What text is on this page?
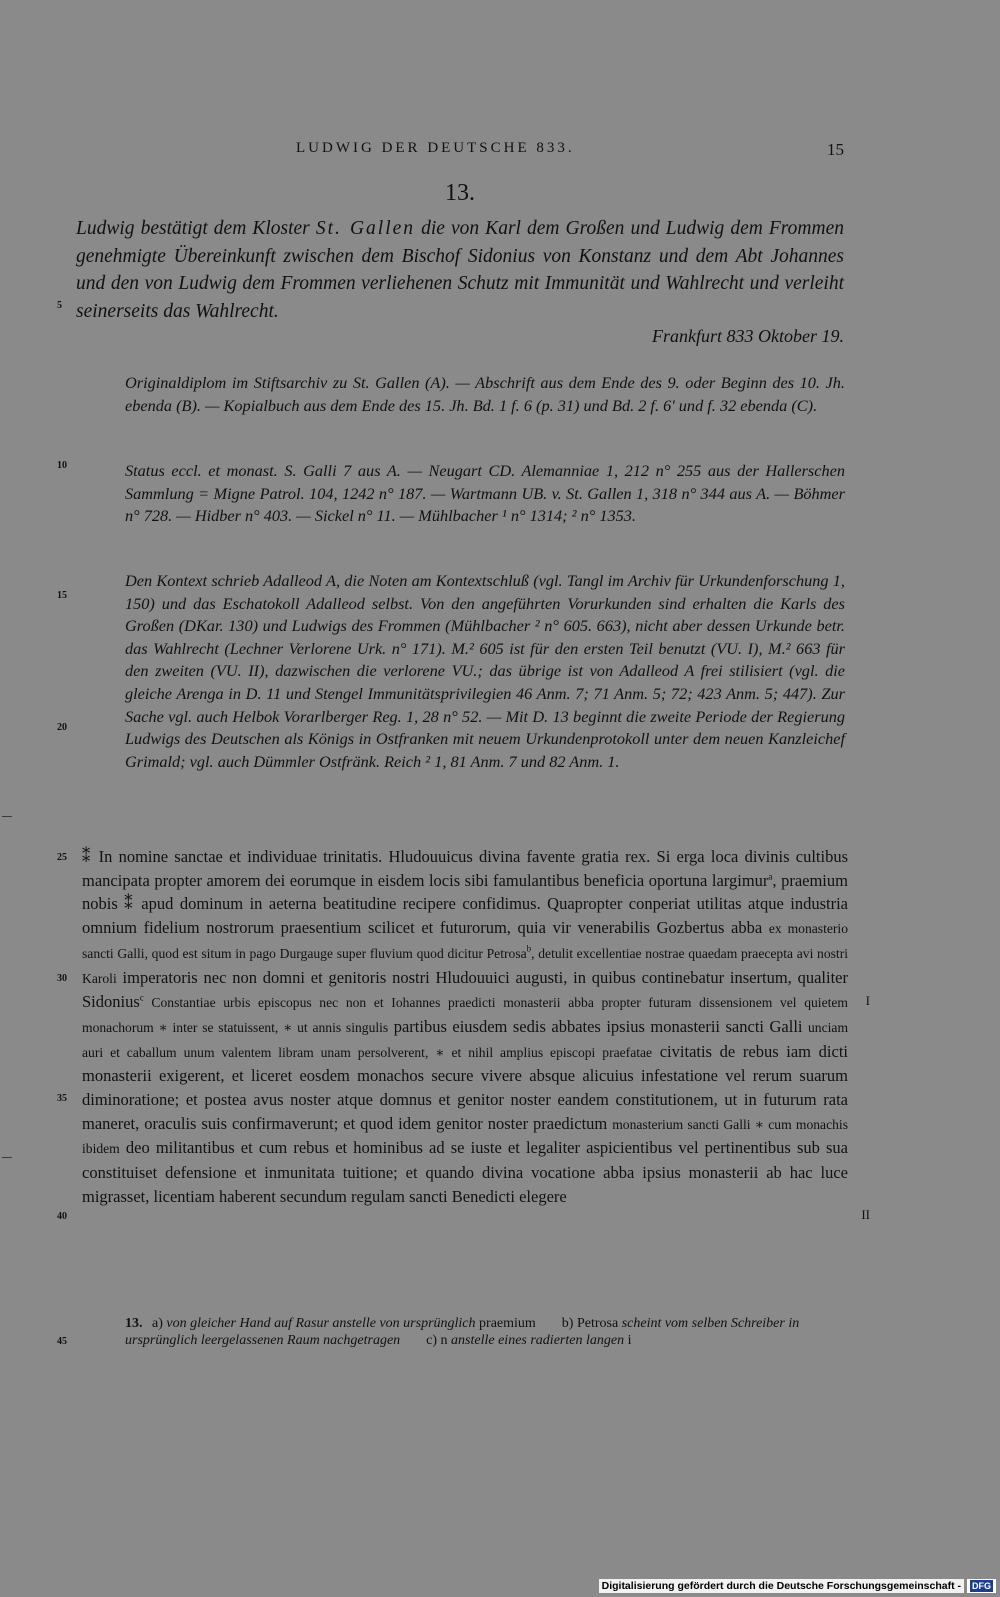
LUDWIG DER DEUTSCHE 833.	15
13.

Ludwig bestätigt dem Kloster St. Gallen die von Karl dem Großen und Ludwig dem Frommen genehmigte Übereinkunft zwischen dem Bischof Sidonius von Konstanz und dem Abt Johannes und den von Ludwig dem Frommen verliehenen Schutz mit Immunität und Wahlrecht und verleiht seinerseits das Wahlrecht.

Frankfurt 833 Oktober 19.

Originaldiplom im Stiftsarchiv zu St. Gallen (A). — Abschrift aus dem Ende des 9. oder Beginn des 10. Jh. ebenda (B). — Kopialbuch aus dem Ende des 15. Jh. Bd. 1 f. 6 (p. 31) und Bd. 2 f. 6' und f. 32 ebenda (C).

Status eccl. et monast. S. Galli 7 aus A. — Neugart CD. Alemanniae 1, 212 n° 255 aus der Hallerschen Sammlung = Migne Patrol. 104, 1242 n° 187. — Wartmann UB. v. St. Gallen 1, 318 n° 344 aus A. — Böhmer n° 728. — Hidber n° 403. — Sickel n° 11. — Mühlbacher ¹ n° 1314; ² n° 1353.

Den Kontext schrieb Adalleod A, die Noten am Kontextschluß (vgl. Tangl im Archiv für Urkundenforschung 1, 150) und das Eschatokoll Adalleod selbst. Von den angeführten Vorurkunden sind erhalten die Karls des Großen (DKar. 130) und Ludwigs des Frommen (Mühlbacher ² n° 605. 663), nicht aber dessen Urkunde betr. das Wahlrecht (Lechner Verlorene Urk. n° 171). M.² 605 ist für den ersten Teil benutzt (VU. I), M.² 663 für den zweiten (VU. II), dazwischen die verlorene VU.; das übrige ist von Adalleod A frei stilisiert (vgl. die gleiche Arenga in D. 11 und Stengel Immunitätsprivilegien 46 Anm. 7; 71 Anm. 5; 72; 423 Anm. 5; 447). Zur Sache vgl. auch Helbok Vorarlberger Reg. 1, 28 n° 52. — Mit D. 13 beginnt die zweite Periode der Regierung Ludwigs des Deutschen als Königs in Ostfranken mit neuem Urkundenprotokoll unter dem neuen Kanzleichef Grimald; vgl. auch Dümmler Ostfränk. Reich ² 1, 81 Anm. 7 und 82 Anm. 1.

⁑ In nomine sanctae et individuae trinitatis. Hludouuicus divina favente gratia rex. Si erga loca divinis cultibus mancipata propter amorem dei eorumque in eisdem locis sibi famulantibus beneficia oportuna largimur$^a$, praemium nobis ⁑ apud dominum in aeterna beatitudine recipere confidimus. Quapropter conperiat utilitas atque industria omnium fidelium nostrorum praesentium scilicet et futurorum, quia vir venerabilis Gozbertus abba ex monasterio sancti Galli, quod est situm in pago Durgauge super fluvium quod dicitur Petrosa$^b$, detulit excellentiae nostrae quaedam praecepta avi nostri Karoli imperatoris nec non domni et genitoris nostri Hludouuici augusti, in quibus continebatur insertum, qualiter Sidonius$^c$ Constantiae urbis episcopus nec non et Iohannes praedicti monasterii abba propter futuram dissensionem vel quietem monachorum ∗ inter se statuissent, ∗ ut annis singulis partibus eiusdem sedis abbates ipsius monasterii sancti Galli unciam auri et caballum unum valentem libram unam persolverent, ∗ et nihil amplius episcopi praefatae civitatis de rebus iam dicti monasterii exigerent, et liceret eosdem monachos secure vivere absque alicuius infestatione vel rerum suarum diminoratione; et postea avus noster atque domnus et genitor noster eandem constitutionem, ut in futurum rata maneret, oraculis suis confirmaverunt; et quod idem genitor noster praedictum monasterium sancti Galli ∗ cum monachis ibidem deo militantibus et cum rebus et hominibus ad se iuste et legaliter aspicientibus vel pertinentibus sub sua constituiset defensione et inmunitata tuitione; et quando divina vocatione abba ipsius monasterii ab hac luce migrasset, licentiam haberent secundum regulam sancti Benedicti elegere

13. a) von gleicher Hand auf Rasur anstelle von ursprünglich praemium b) Petrosa scheint vom selben Schreiber in ursprünglich leergelassenen Raum nachgetragen c) n anstelle eines radierten langen i

5
10
15
20
25
30
35
40
45
I
II
Digitalisierung gefördert durch die Deutsche Forschungsgemeinschaft -	DFG
